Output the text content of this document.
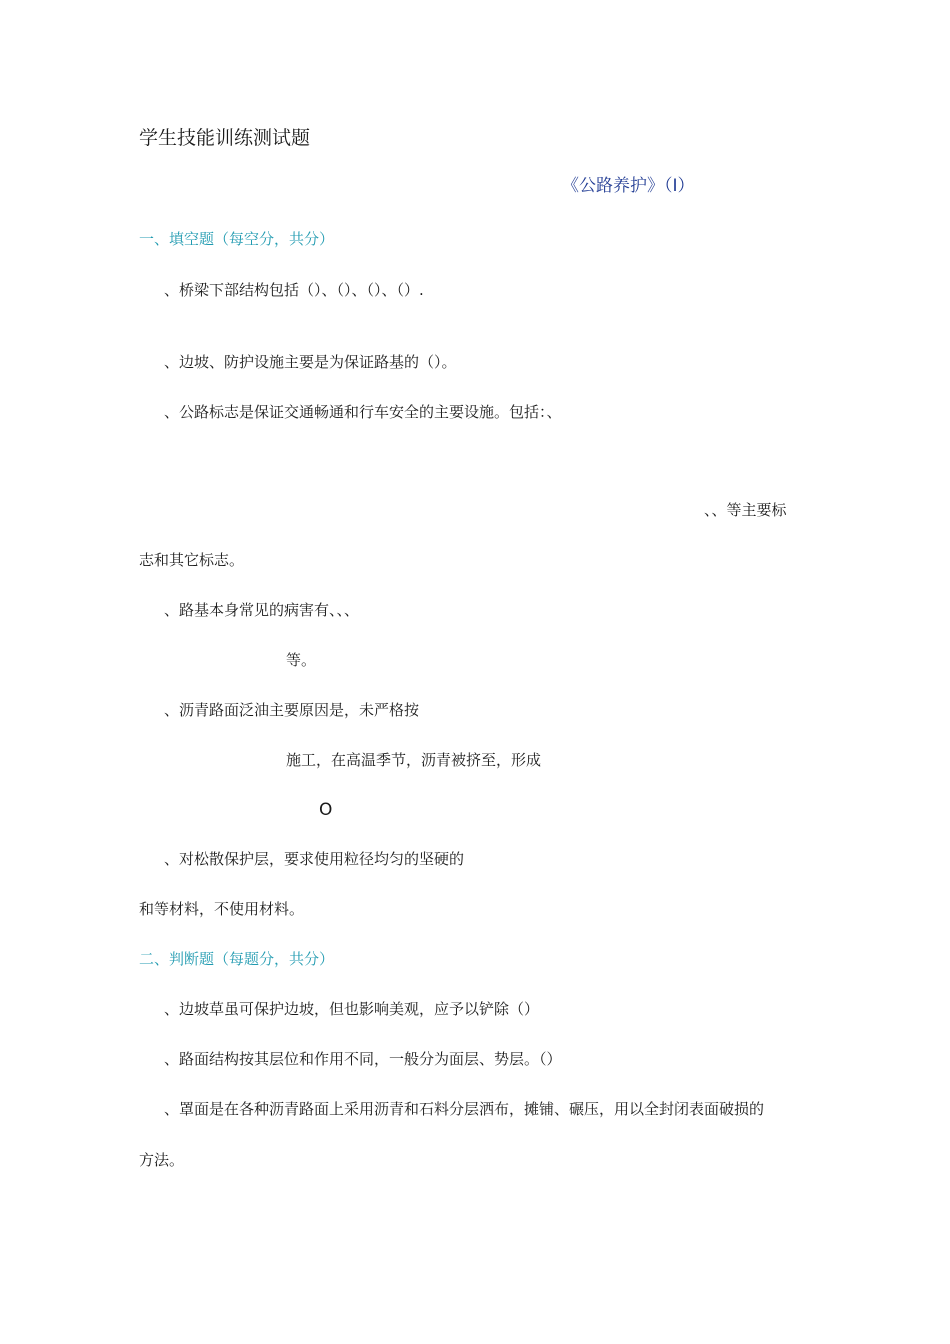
学生技能训练测试题
《公路养护》（I）
一、填空题（每空分，共分）
、桥梁下部结构包括（）、（）、（）、（）.
、边坡、防护设施主要是为保证路基的（）。
、公路标志是保证交通畅通和行车安全的主要设施。包括：、
、、等主要标
志和其它标志。
、路基本身常见的病害有、、、
等。
、沥青路面泛油主要原因是，未严格按
施工，在高温季节，沥青被挤至，形成
O
、对松散保护层，要求使用粒径均匀的坚硬的
和等材料，不使用材料。
二、判断题（每题分，共分）
、边坡草虽可保护边坡，但也影响美观，应予以铲除（）
、路面结构按其层位和作用不同，一般分为面层、势层。（）
、罩面是在各种沥青路面上采用沥青和石料分层洒布，摊铺、碾压，用以全封闭表面破损的
方法。
